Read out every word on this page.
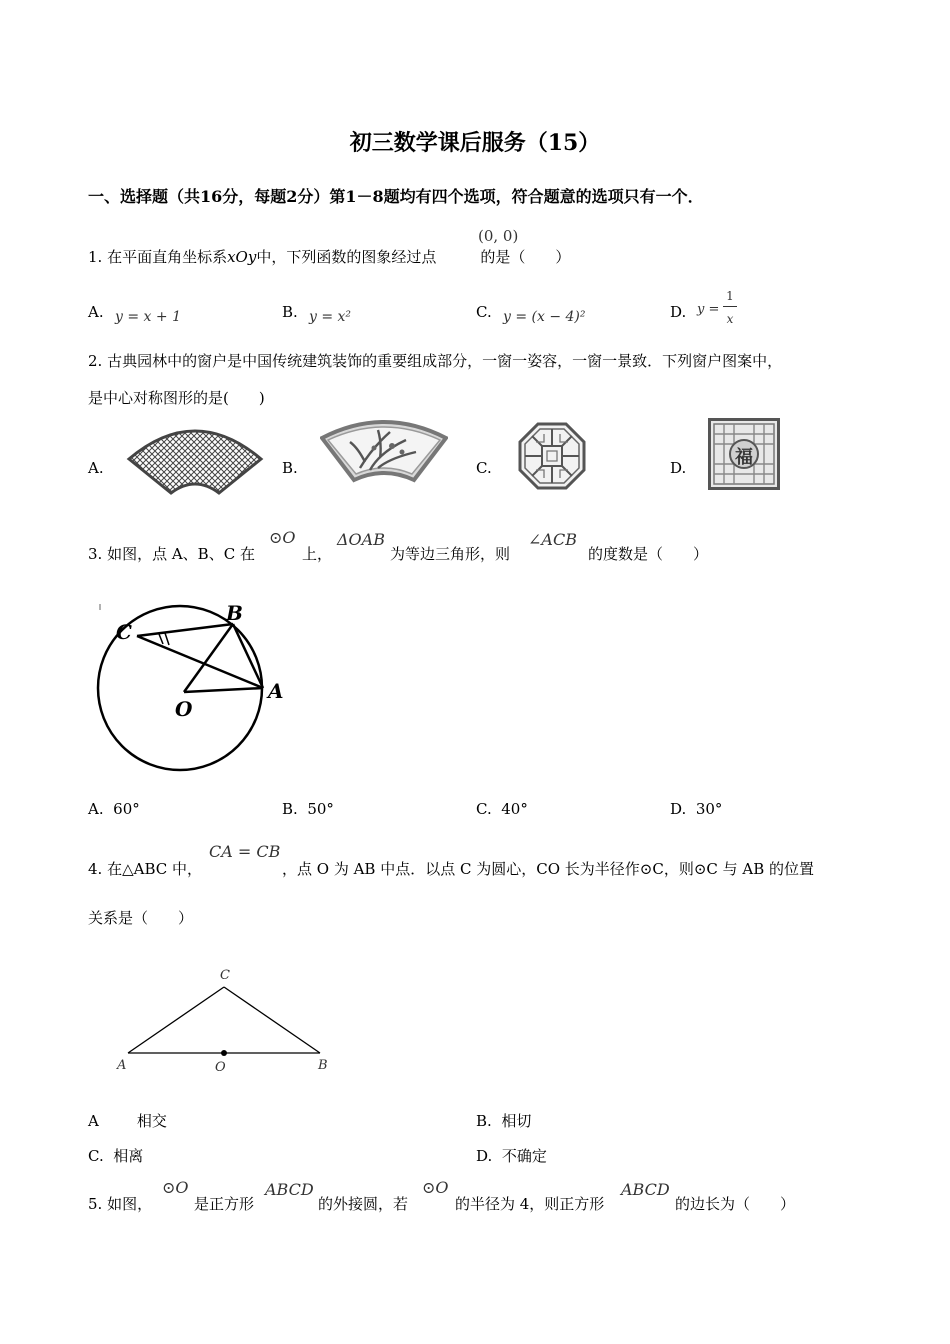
初三数学课后服务（15）
一、选择题（共16分，每题2分）第1－8题均有四个选项，符合题意的选项只有一个．
1. 在平面直角坐标系xOy中，下列函数的图象经过点	的是（　　）
(0, 0)
A. y = x + 1	B. y = x²	C. y = (x − 4)²	D. y =
1
x
2. 古典园林中的窗户是中国传统建筑装饰的重要组成部分，一窗一姿容，一窗一景致．下列窗户图案中，
是中心对称图形的是(　　)
A.	B.	C.	D.	福
3. 如图，点 A、B、C 在
⊙O
上，
ΔOAB
为等边三角形，则
∠ACB
的度数是（　　）
C
B
O
A
A. 60°	B. 50°	C. 40°	D. 30°
4. 在△ABC 中，
CA = CB
，点 O 为 AB 中点．以点 C 为圆心，CO 长为半径作⊙C，则⊙C 与 AB 的位置
关系是（　　）
C
A	O	B
A	相交	B. 相切
C. 相离	D. 不确定
5. 如图，
⊙O
是正方形
ABCD
的外接圆，若
⊙O
的半径为 4，则正方形
ABCD
的边长为（　　）
